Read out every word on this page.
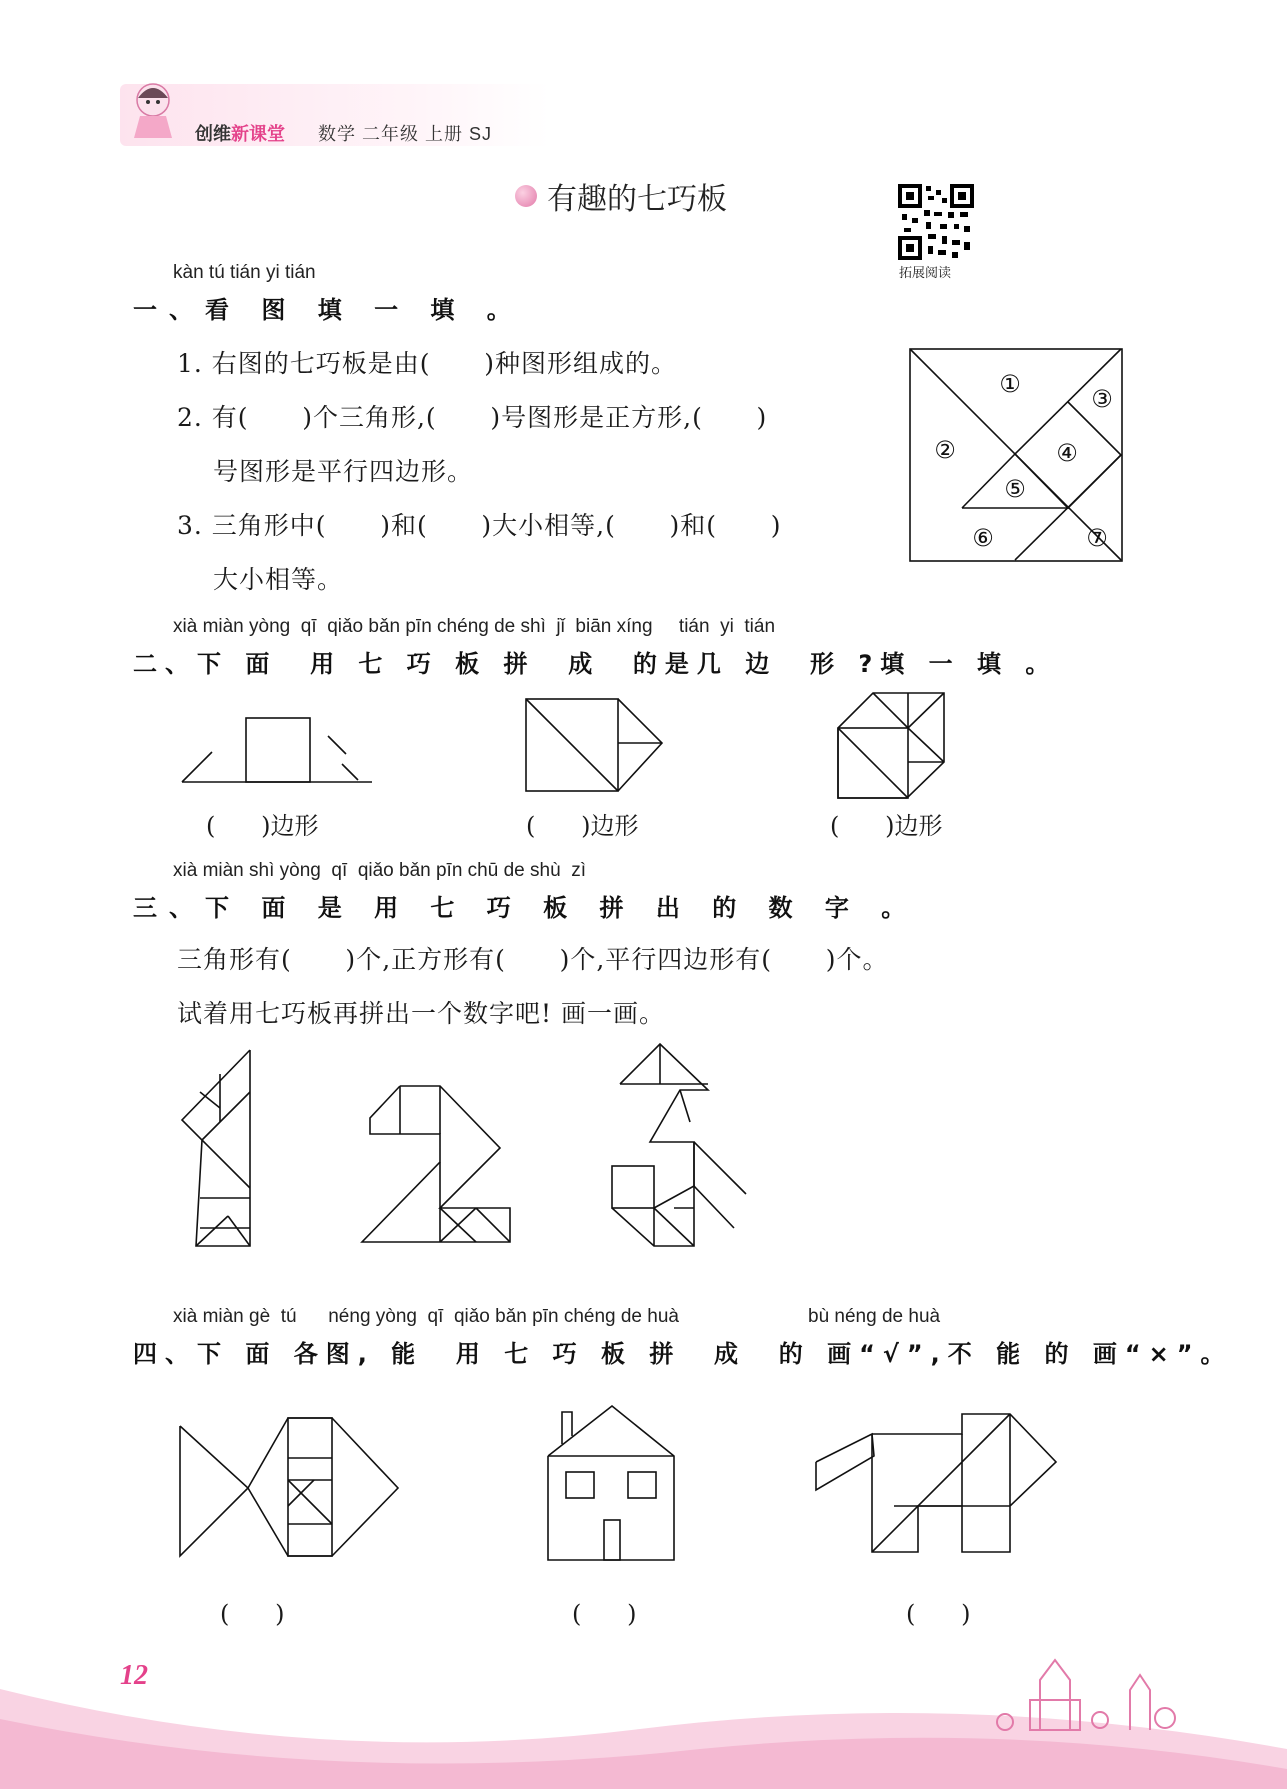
创维新课堂 数学 二年级 上册 SJ
有趣的七巧板
拓展阅读
kàn tú tián yi tián
一、看 图 填 一 填 。
1. 右图的七巧板是由(      )种图形组成的。
2. 有(      )个三角形,(      )号图形是正方形,(      )
号图形是平行四边形。
3. 三角形中(      )和(      )大小相等,(      )和(      )
大小相等。
①
②
③
④
⑤
⑥	⑦
xià miàn yòng  qī  qiǎo bǎn pīn chéng de shì  jǐ  biān xíng     tián  yi  tián
二、下 面  用 七 巧 板 拼  成  的是几 边  形 ?填 一 填 。
(      )边形	(      )边形	(      )边形
xià miàn shì yòng  qī  qiǎo bǎn pīn chū de shù  zì
三、下 面 是 用 七 巧 板 拼 出 的 数 字 。
三角形有(      )个,正方形有(      )个,平行四边形有(      )个。
试着用七巧板再拼出一个数字吧! 画一画。
xià miàn gè  tú      néng yòng  qī  qiǎo bǎn pīn chéng de huà	bù néng de huà
四、下 面 各图, 能  用 七 巧 板 拼  成  的 画“√”,不 能 的 画“×”。
(      )	(      )	(      )
12
